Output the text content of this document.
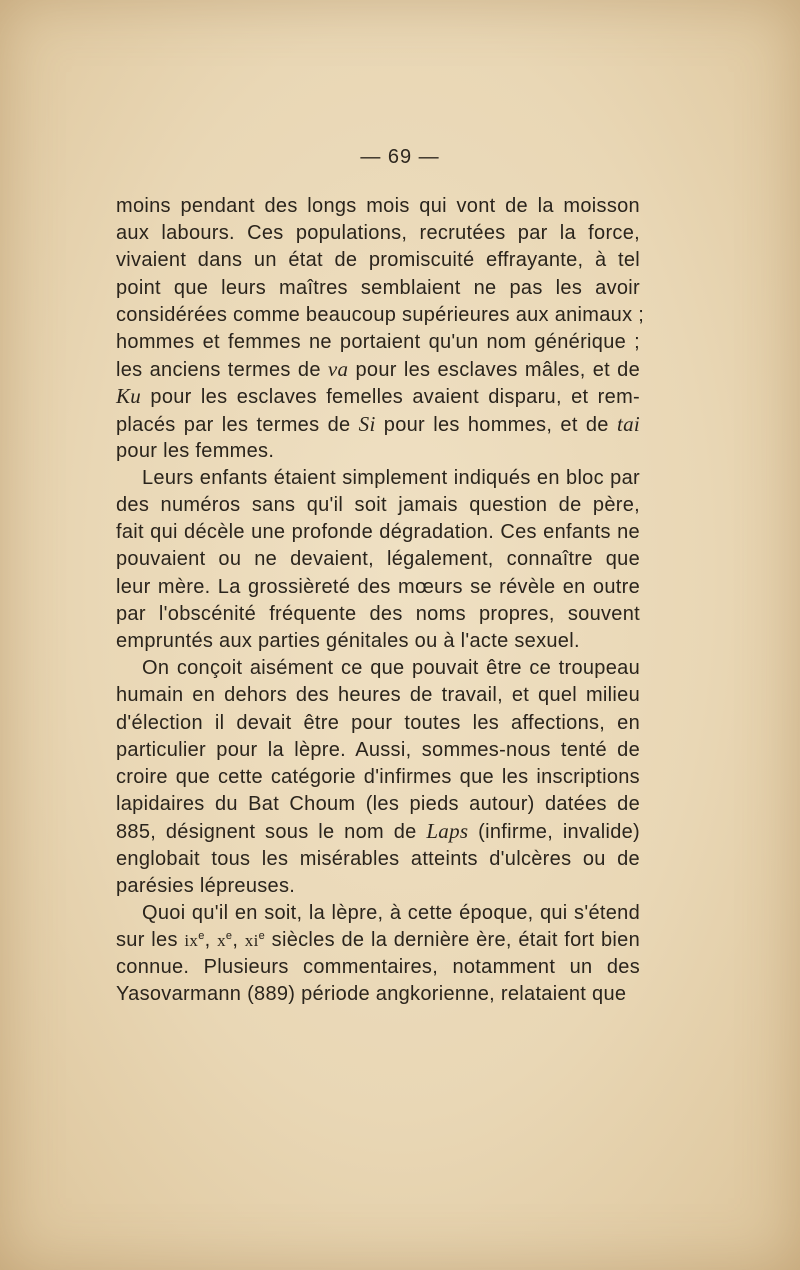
— 69 —
moins pendant des longs mois qui vont de la moisson
aux labours. Ces populations, recrutées par la force,
vivaient dans un état de promiscuité effrayante, à tel
point que leurs maîtres semblaient ne pas les avoir
considérées comme beaucoup supérieures aux animaux ;
hommes et femmes ne portaient qu'un nom générique ;
les anciens termes de va pour les esclaves mâles, et de
Ku pour les esclaves femelles avaient disparu, et rem-
placés par les termes de Si pour les hommes, et de tai
pour les femmes.
Leurs enfants étaient simplement indiqués en bloc par
des numéros sans qu'il soit jamais question de père,
fait qui décèle une profonde dégradation. Ces enfants ne
pouvaient ou ne devaient, légalement, connaître que
leur mère. La grossièreté des mœurs se révèle en outre
par l'obscénité fréquente des noms propres, souvent
empruntés aux parties génitales ou à l'acte sexuel.
On conçoit aisément ce que pouvait être ce troupeau
humain en dehors des heures de travail, et quel milieu
d'élection il devait être pour toutes les affections, en
particulier pour la lèpre. Aussi, sommes-nous tenté de
croire que cette catégorie d'infirmes que les inscriptions
lapidaires du Bat Choum (les pieds autour) datées de
885, désignent sous le nom de Laps (infirme, invalide)
englobait tous les misérables atteints d'ulcères ou de
parésies lépreuses.
Quoi qu'il en soit, la lèpre, à cette époque, qui s'étend
sur les $ix^e$, $x^e$, $xi^e$ siècles de la dernière ère, était fort bien
connue. Plusieurs commentaires, notamment un des
Yasovarmann (889) période angkorienne, relataient que
